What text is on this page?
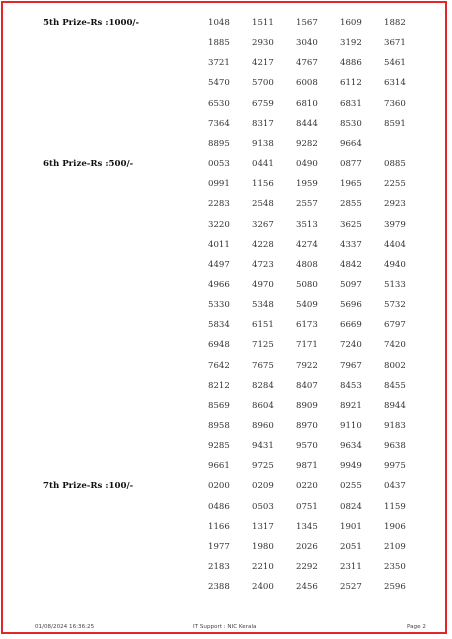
5th Prize-Rs :1000/-	1048	1511	1567	1609	1882
1885	2930	3040	3192	3671
3721	4217	4767	4886	5461
5470	5700	6008	6112	6314
6530	6759	6810	6831	7360
7364	8317	8444	8530	8591
8895	9138	9282	9664
6th Prize-Rs :500/-	0053	0441	0490	0877	0885
0991	1156	1959	1965	2255
2283	2548	2557	2855	2923
3220	3267	3513	3625	3979
4011	4228	4274	4337	4404
4497	4723	4808	4842	4940
4966	4970	5080	5097	5133
5330	5348	5409	5696	5732
5834	6151	6173	6669	6797
6948	7125	7171	7240	7420
7642	7675	7922	7967	8002
8212	8284	8407	8453	8455
8569	8604	8909	8921	8944
8958	8960	8970	9110	9183
9285	9431	9570	9634	9638
9661	9725	9871	9949	9975
7th Prize-Rs :100/-	0200	0209	0220	0255	0437
0486	0503	0751	0824	1159
1166	1317	1345	1901	1906
1977	1980	2026	2051	2109
2183	2210	2292	2311	2350
2388	2400	2456	2527	2596
01/08/2024 16:36:25	IT Support : NIC Kerala	Page 2
